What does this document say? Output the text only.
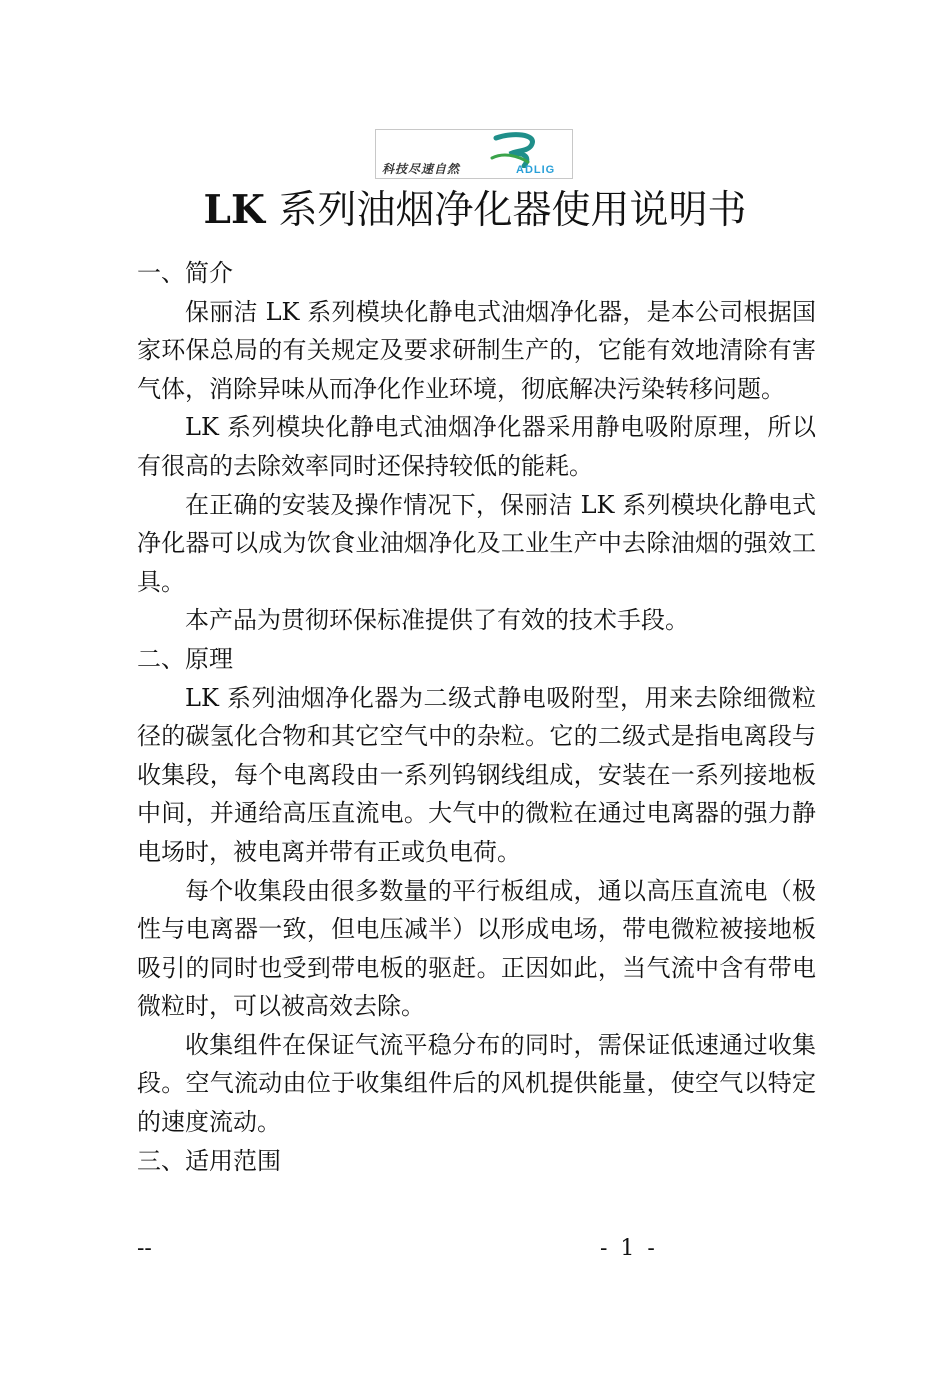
科技尽速自然	ADLIG
LK 系列油烟净化器使用说明书

一、简介

保丽洁 LK 系列模块化静电式油烟净化器，是本公司根据国家环保总局的有关规定及要求研制生产的，它能有效地清除有害气体，消除异味从而净化作业环境，彻底解决污染转移问题。

LK 系列模块化静电式油烟净化器采用静电吸附原理，所以有很高的去除效率同时还保持较低的能耗。

在正确的安装及操作情况下，保丽洁 LK 系列模块化静电式净化器可以成为饮食业油烟净化及工业生产中去除油烟的强效工具。

本产品为贯彻环保标准提供了有效的技术手段。

二、原理

LK 系列油烟净化器为二级式静电吸附型，用来去除细微粒径的碳氢化合物和其它空气中的杂粒。它的二级式是指电离段与收集段，每个电离段由一系列钨钢线组成，安装在一系列接地板中间，并通给高压直流电。大气中的微粒在通过电离器的强力静电场时，被电离并带有正或负电荷。

每个收集段由很多数量的平行板组成，通以高压直流电（极性与电离器一致，但电压减半）以形成电场，带电微粒被接地板吸引的同时也受到带电板的驱赶。正因如此，当气流中含有带电微粒时，可以被高效去除。

收集组件在保证气流平稳分布的同时，需保证低速通过收集段。空气流动由位于收集组件后的风机提供能量，使空气以特定的速度流动。

三、适用范围

--	- 1 -
